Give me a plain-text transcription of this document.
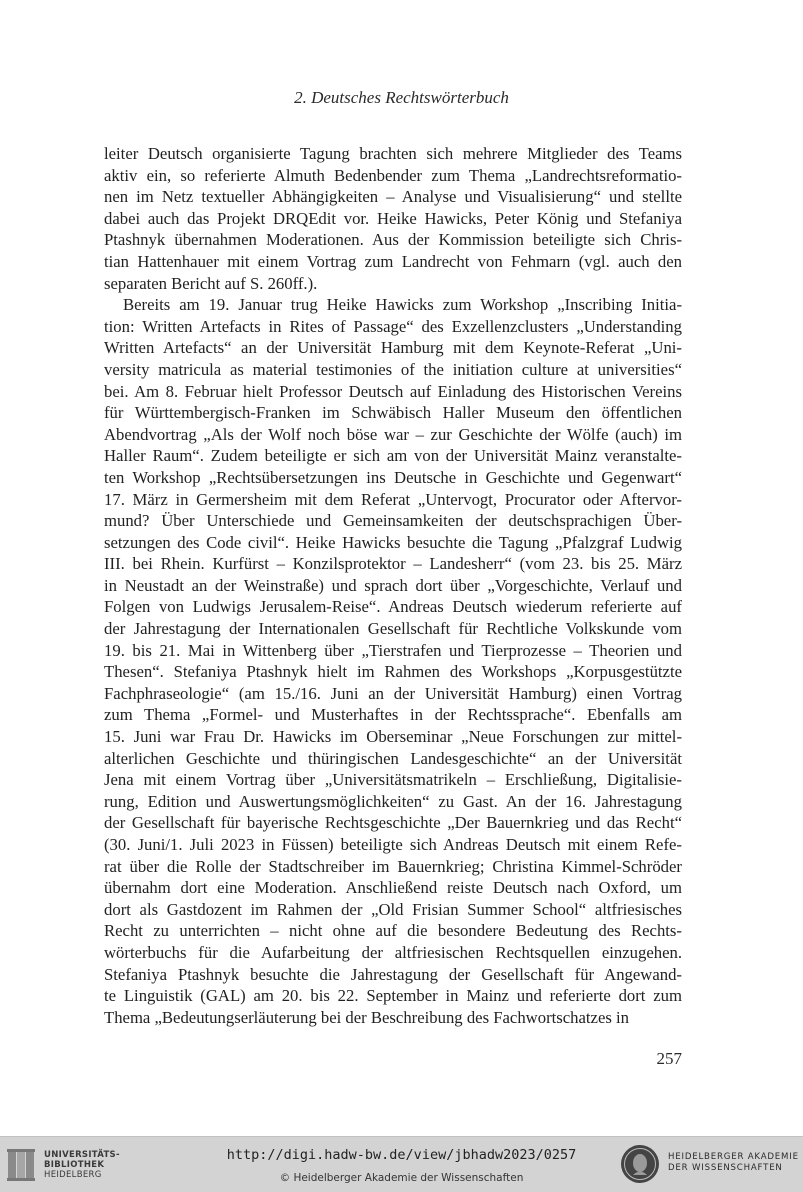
2. Deutsches Rechtswörterbuch
leiter Deutsch organisierte Tagung brachten sich mehrere Mitglieder des Teams
aktiv ein, so referierte Almuth Bedenbender zum Thema „Landrechtsreformatio-
nen im Netz textueller Abhängigkeiten – Analyse und Visualisierung“ und stellte
dabei auch das Projekt DRQEdit vor. Heike Hawicks, Peter König und Stefaniya
Ptashnyk übernahmen Moderationen. Aus der Kommission beteiligte sich Chris-
tian Hattenhauer mit einem Vortrag zum Landrecht von Fehmarn (vgl. auch den
separaten Bericht auf S. 260ff.).
Bereits am 19. Januar trug Heike Hawicks zum Workshop „Inscribing Initia-
tion: Written Artefacts in Rites of Passage“ des Exzellenzclusters „Understanding
Written Artefacts“ an der Universität Hamburg mit dem Keynote-Referat „Uni-
versity matricula as material testimonies of the initiation culture at universities“
bei. Am 8. Februar hielt Professor Deutsch auf Einladung des Historischen Vereins
für Württembergisch-Franken im Schwäbisch Haller Museum den öffentlichen
Abendvortrag „Als der Wolf noch böse war – zur Geschichte der Wölfe (auch) im
Haller Raum“. Zudem beteiligte er sich am von der Universität Mainz veranstalte-
ten Workshop „Rechtsübersetzungen ins Deutsche in Geschichte und Gegenwart“
17. März in Germersheim mit dem Referat „Untervogt, Procurator oder Aftervor-
mund? Über Unterschiede und Gemeinsamkeiten der deutschsprachigen Über-
setzungen des Code civil“. Heike Hawicks besuchte die Tagung „Pfalzgraf Ludwig
III. bei Rhein. Kurfürst – Konzilsprotektor – Landesherr“ (vom 23. bis 25. März
in Neustadt an der Weinstraße) und sprach dort über „Vorgeschichte, Verlauf und
Folgen von Ludwigs Jerusalem-Reise“. Andreas Deutsch wiederum referierte auf
der Jahrestagung der Internationalen Gesellschaft für Rechtliche Volkskunde vom
19. bis 21. Mai in Wittenberg über „Tierstrafen und Tierprozesse – Theorien und
Thesen“. Stefaniya Ptashnyk hielt im Rahmen des Workshops „Korpusgestützte
Fachphraseologie“ (am 15./16. Juni an der Universität Hamburg) einen Vortrag
zum Thema „Formel- und Musterhaftes in der Rechtssprache“. Ebenfalls am
15. Juni war Frau Dr. Hawicks im Oberseminar „Neue Forschungen zur mittel-
alterlichen Geschichte und thüringischen Landesgeschichte“ an der Universität
Jena mit einem Vortrag über „Universitätsmatrikeln – Erschließung, Digitalisie-
rung, Edition und Auswertungsmöglichkeiten“ zu Gast. An der 16. Jahrestagung
der Gesellschaft für bayerische Rechtsgeschichte „Der Bauernkrieg und das Recht“
(30. Juni/1. Juli 2023 in Füssen) beteiligte sich Andreas Deutsch mit einem Refe-
rat über die Rolle der Stadtschreiber im Bauernkrieg; Christina Kimmel-Schröder
übernahm dort eine Moderation. Anschließend reiste Deutsch nach Oxford, um
dort als Gastdozent im Rahmen der „Old Frisian Summer School“ altfriesisches
Recht zu unterrichten – nicht ohne auf die besondere Bedeutung des Rechts-
wörterbuchs für die Aufarbeitung der altfriesischen Rechtsquellen einzugehen.
Stefaniya Ptashnyk besuchte die Jahrestagung der Gesellschaft für Angewand-
te Linguistik (GAL) am 20. bis 22. September in Mainz und referierte dort zum
Thema „Bedeutungserläuterung bei der Beschreibung des Fachwortschatzes in
257
UNIVERSITÄTS-
BIBLIOTHEK
HEIDELBERG
http://digi.hadw-bw.de/view/jbhadw2023/0257
© Heidelberger Akademie der Wissenschaften
HEIDELBERGER AKADEMIE
DER WISSENSCHAFTEN
